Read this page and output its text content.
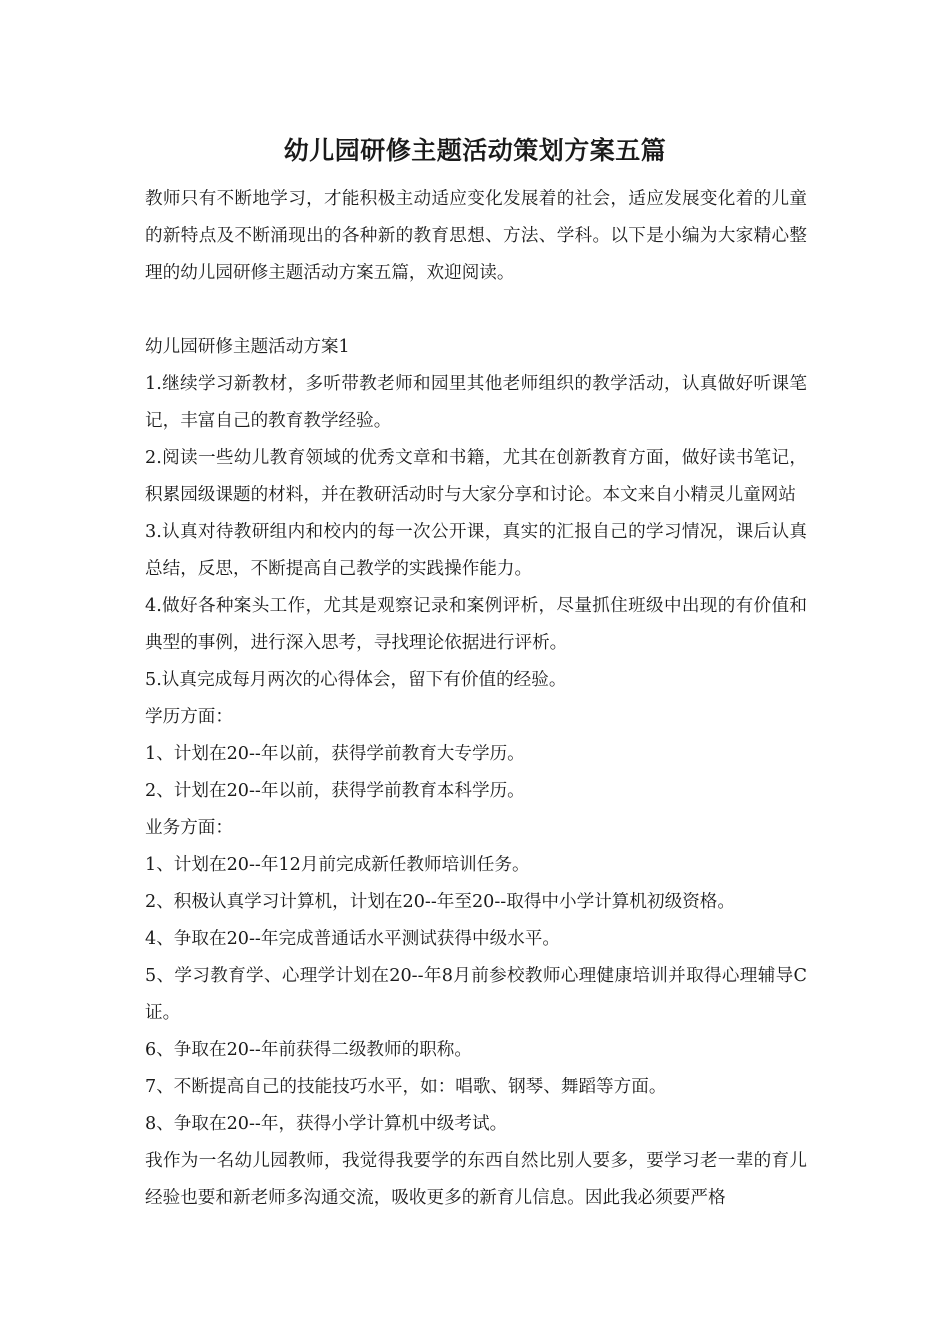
幼儿园研修主题活动策划方案五篇

教师只有不断地学习，才能积极主动适应变化发展着的社会，适应发展变化着的儿童的新特点及不断涌现出的各种新的教育思想、方法、学科。以下是小编为大家精心整理的幼儿园研修主题活动方案五篇，欢迎阅读。

幼儿园研修主题活动方案1

1.继续学习新教材，多听带教老师和园里其他老师组织的教学活动，认真做好听课笔记，丰富自己的教育教学经验。

2.阅读一些幼儿教育领域的优秀文章和书籍，尤其在创新教育方面，做好读书笔记，积累园级课题的材料，并在教研活动时与大家分享和讨论。本文来自小精灵儿童网站

3.认真对待教研组内和校内的每一次公开课，真实的汇报自己的学习情况，课后认真总结，反思，不断提高自己教学的实践操作能力。

4.做好各种案头工作，尤其是观察记录和案例评析，尽量抓住班级中出现的有价值和典型的事例，进行深入思考，寻找理论依据进行评析。

5.认真完成每月两次的心得体会，留下有价值的经验。

学历方面：

1、计划在20--年以前，获得学前教育大专学历。

2、计划在20--年以前，获得学前教育本科学历。

业务方面：

1、计划在20--年12月前完成新任教师培训任务。

2、积极认真学习计算机，计划在20--年至20--取得中小学计算机初级资格。

4、争取在20--年完成普通话水平测试获得中级水平。

5、学习教育学、心理学计划在20--年8月前参校教师心理健康培训并取得心理辅导C证。

6、争取在20--年前获得二级教师的职称。

7、不断提高自己的技能技巧水平，如：唱歌、钢琴、舞蹈等方面。

8、争取在20--年，获得小学计算机中级考试。

我作为一名幼儿园教师，我觉得我要学的东西自然比别人要多，要学习老一辈的育儿经验也要和新老师多沟通交流，吸收更多的新育儿信息。因此我必须要严格
